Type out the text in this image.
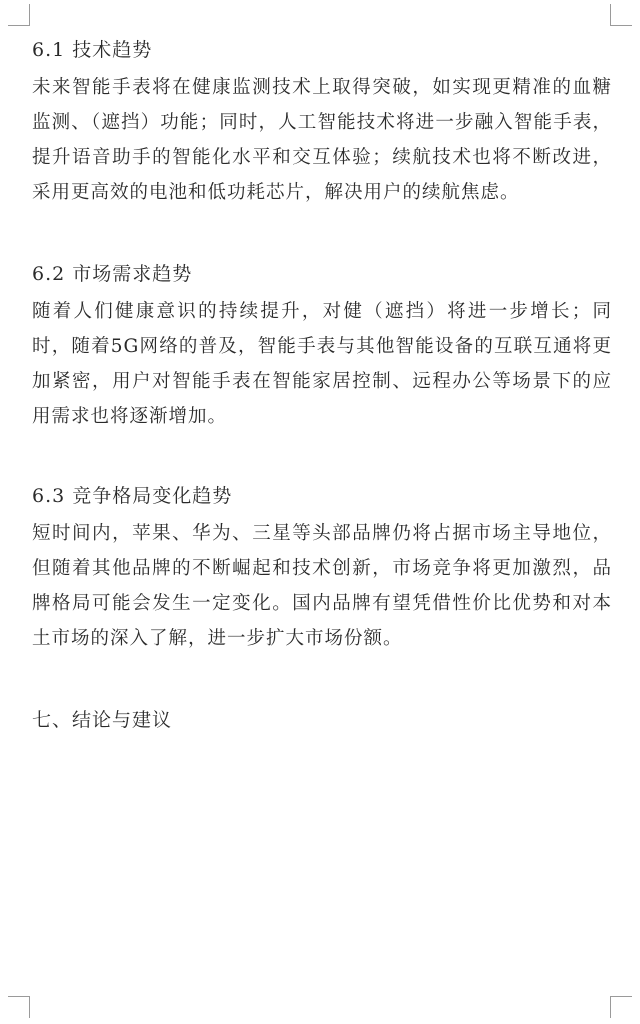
6.1 技术趋势

未来智能手表将在健康监测技术上取得突破，如实现更精准的血糖监测、（遮挡）功能；同时，人工智能技术将进一步融入智能手表，提升语音助手的智能化水平和交互体验；续航技术也将不断改进，采用更高效的电池和低功耗芯片，解决用户的续航焦虑。

6.2 市场需求趋势

随着人们健康意识的持续提升，对健（遮挡）将进一步增长；同时，随着5G网络的普及，智能手表与其他智能设备的互联互通将更加紧密，用户对智能手表在智能家居控制、远程办公等场景下的应用需求也将逐渐增加。

6.3 竞争格局变化趋势

短时间内，苹果、华为、三星等头部品牌仍将占据市场主导地位，但随着其他品牌的不断崛起和技术创新，市场竞争将更加激烈，品牌格局可能会发生一定变化。国内品牌有望凭借性价比优势和对本土市场的深入了解，进一步扩大市场份额。

七、结论与建议
